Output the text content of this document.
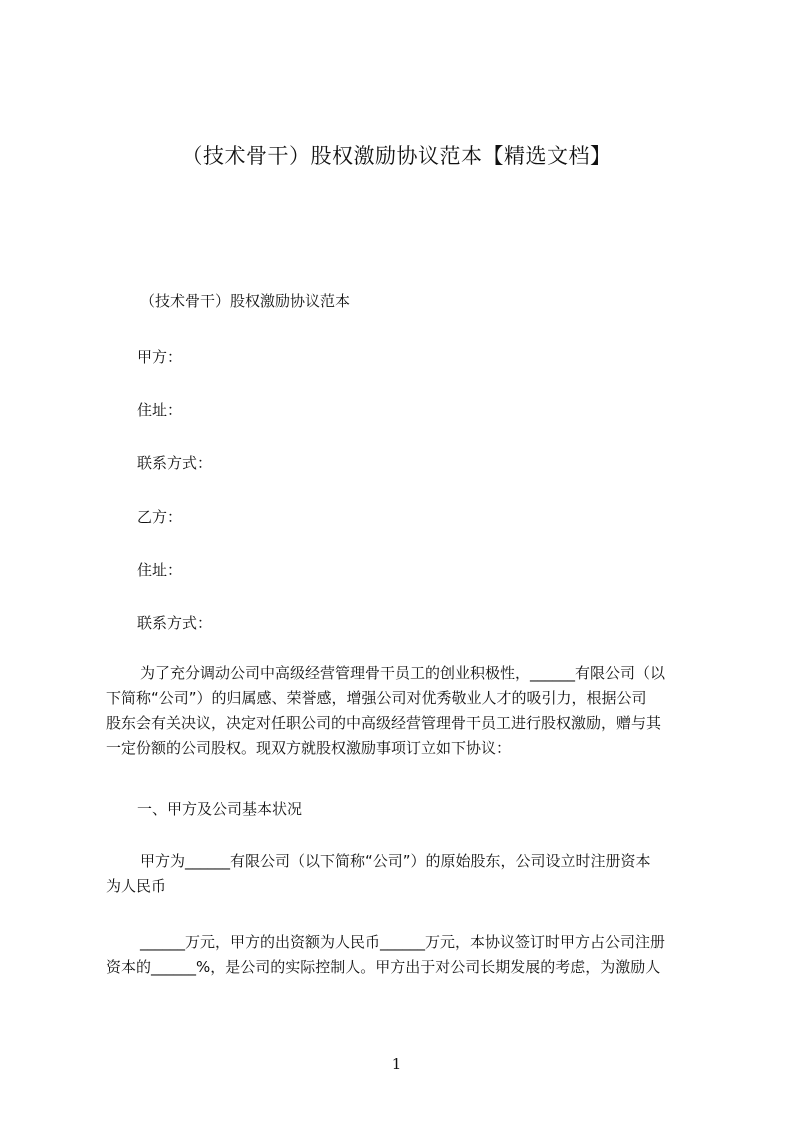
（技术骨干）股权激励协议范本【精选文档】
（技术骨干）股权激励协议范本
甲方：
住址：
联系方式：
乙方：
住址：
联系方式：
为了充分调动公司中高级经营管理骨干员工的创业积极性，______有限公司（以
下简称“公司”）的归属感、荣誉感，增强公司对优秀敬业人才的吸引力，根据公司
股东会有关决议，决定对任职公司的中高级经营管理骨干员工进行股权激励，赠与其
一定份额的公司股权。现双方就股权激励事项订立如下协议：
一、甲方及公司基本状况
甲方为______有限公司（以下简称“公司”）的原始股东，公司设立时注册资本
为人民币
______万元，甲方的出资额为人民币______万元，本协议签订时甲方占公司注册
资本的______%，是公司的实际控制人。甲方出于对公司长期发展的考虑，为激励人
1
